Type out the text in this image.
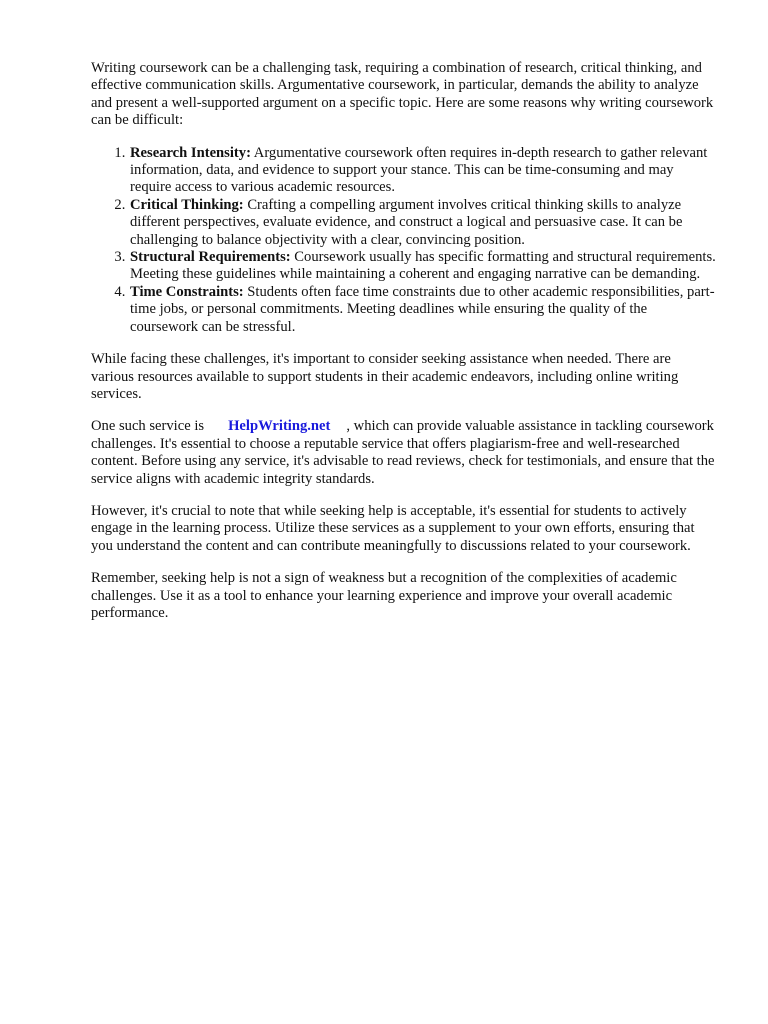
Writing coursework can be a challenging task, requiring a combination of research, critical thinking, and effective communication skills. Argumentative coursework, in particular, demands the ability to analyze and present a well-supported argument on a specific topic. Here are some reasons why writing coursework can be difficult:

1. Research Intensity: Argumentative coursework often requires in-depth research to gather relevant information, data, and evidence to support your stance. This can be time-consuming and may require access to various academic resources.
2. Critical Thinking: Crafting a compelling argument involves critical thinking skills to analyze different perspectives, evaluate evidence, and construct a logical and persuasive case. It can be challenging to balance objectivity with a clear, convincing position.
3. Structural Requirements: Coursework usually has specific formatting and structural requirements. Meeting these guidelines while maintaining a coherent and engaging narrative can be demanding.
4. Time Constraints: Students often face time constraints due to other academic responsibilities, part-time jobs, or personal commitments. Meeting deadlines while ensuring the quality of the coursework can be stressful.

While facing these challenges, it's important to consider seeking assistance when needed. There are various resources available to support students in their academic endeavors, including online writing services.

One such service is HelpWriting.net , which can provide valuable assistance in tackling coursework challenges. It's essential to choose a reputable service that offers plagiarism-free and well-researched content. Before using any service, it's advisable to read reviews, check for testimonials, and ensure that the service aligns with academic integrity standards.

However, it's crucial to note that while seeking help is acceptable, it's essential for students to actively engage in the learning process. Utilize these services as a supplement to your own efforts, ensuring that you understand the content and can contribute meaningfully to discussions related to your coursework.

Remember, seeking help is not a sign of weakness but a recognition of the complexities of academic challenges. Use it as a tool to enhance your learning experience and improve your overall academic performance.
